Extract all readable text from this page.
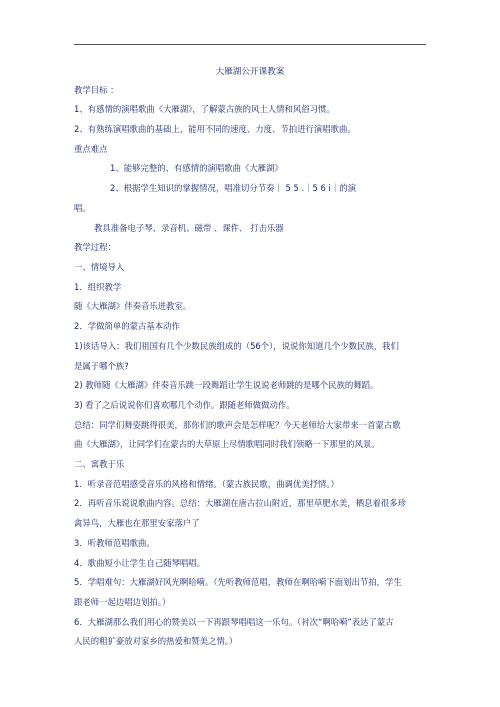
大雁湖公开课教案
教学目标 ：
1、有感情的演唱歌曲《大雁湖》，了解蒙古族的风土人情和风俗习惯。
2、有熟练演唱歌曲的基础上，能用不同的速度、力度、节拍进行演唱歌曲。
重点难点
1、能够完整的、有感情的演唱歌曲《大雁湖》
2、根据学生知识的掌握情况，唱准切分节奏｜ 5 5 .｜5 6 i｜的演
唱。
教具准备电子琴、录音机、磁带 、课件、 打击乐器
教学过程：
一、情境导入
1．组织教学
随《大雁湖》伴奏音乐进教室。
2．学做简单的蒙古基本动作
1)该话导入：我们祖国有几个少数民族组成的（56个），说说你知道几个少数民族，我们
是属于哪个族?
2) 教师随《大雁湖》伴奏音乐跳一段舞蹈让学生说说老师跳的是哪个民族的舞蹈。
3) 看了之后说说你们喜欢哪几个动作。跟随老师做做动作。
总结：同学们舞姿跳得很美，那你们的歌声会是怎样呢？今天老师给大家带来一首蒙古歌
曲《大雁湖》，让同学们在蒙古的大草原上尽情歌唱同时我们领略一下那里的风景。
二、寓教于乐
1．听录音范唱感受音乐的风格和情绪。（蒙古族民歌，曲调优美抒情。）
2．再听音乐说说歌曲内容。总结：大雁湖在唐古拉山附近，那里草肥水美，栖息着很多珍
禽异鸟，大雁也在那里安家落户了
3．听教师范唱歌曲。
4．歌曲短小让学生自己随琴唱唱。
5．学唱难句：大雁湖好风光啊哈嗬。（先听教师范唱，教师在啊哈嗬下面划出节拍，学生
跟老师一起边唱边划拍。）
6．大雁湖那么我们用心的赞美以一下再跟琴唱唱这一乐句。（衬次“啊哈嗬”表达了蒙古
人民的粗犷豪放对家乡的热爱和赞美之情。）
